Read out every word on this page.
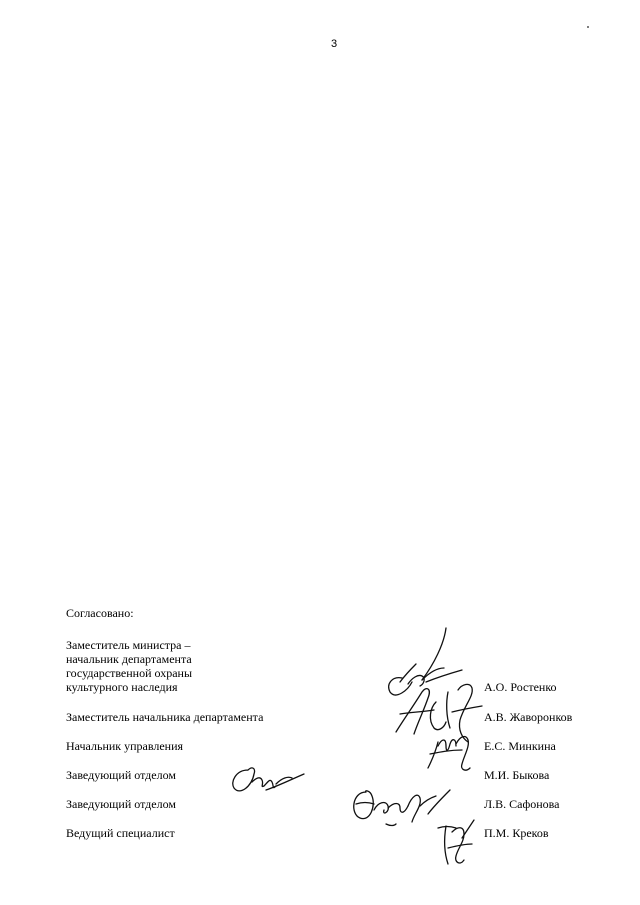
3
Согласовано:
Заместитель министра –
начальник департамента
государственной охраны
культурного наследия	А.О. Ростенко
Заместитель начальника департамента	А.В. Жаворонков
Начальник управления	Е.С. Минкина
Заведующий отделом	М.И. Быкова
Заведующий отделом	Л.В. Сафонова
Ведущий специалист	П.М. Креков
